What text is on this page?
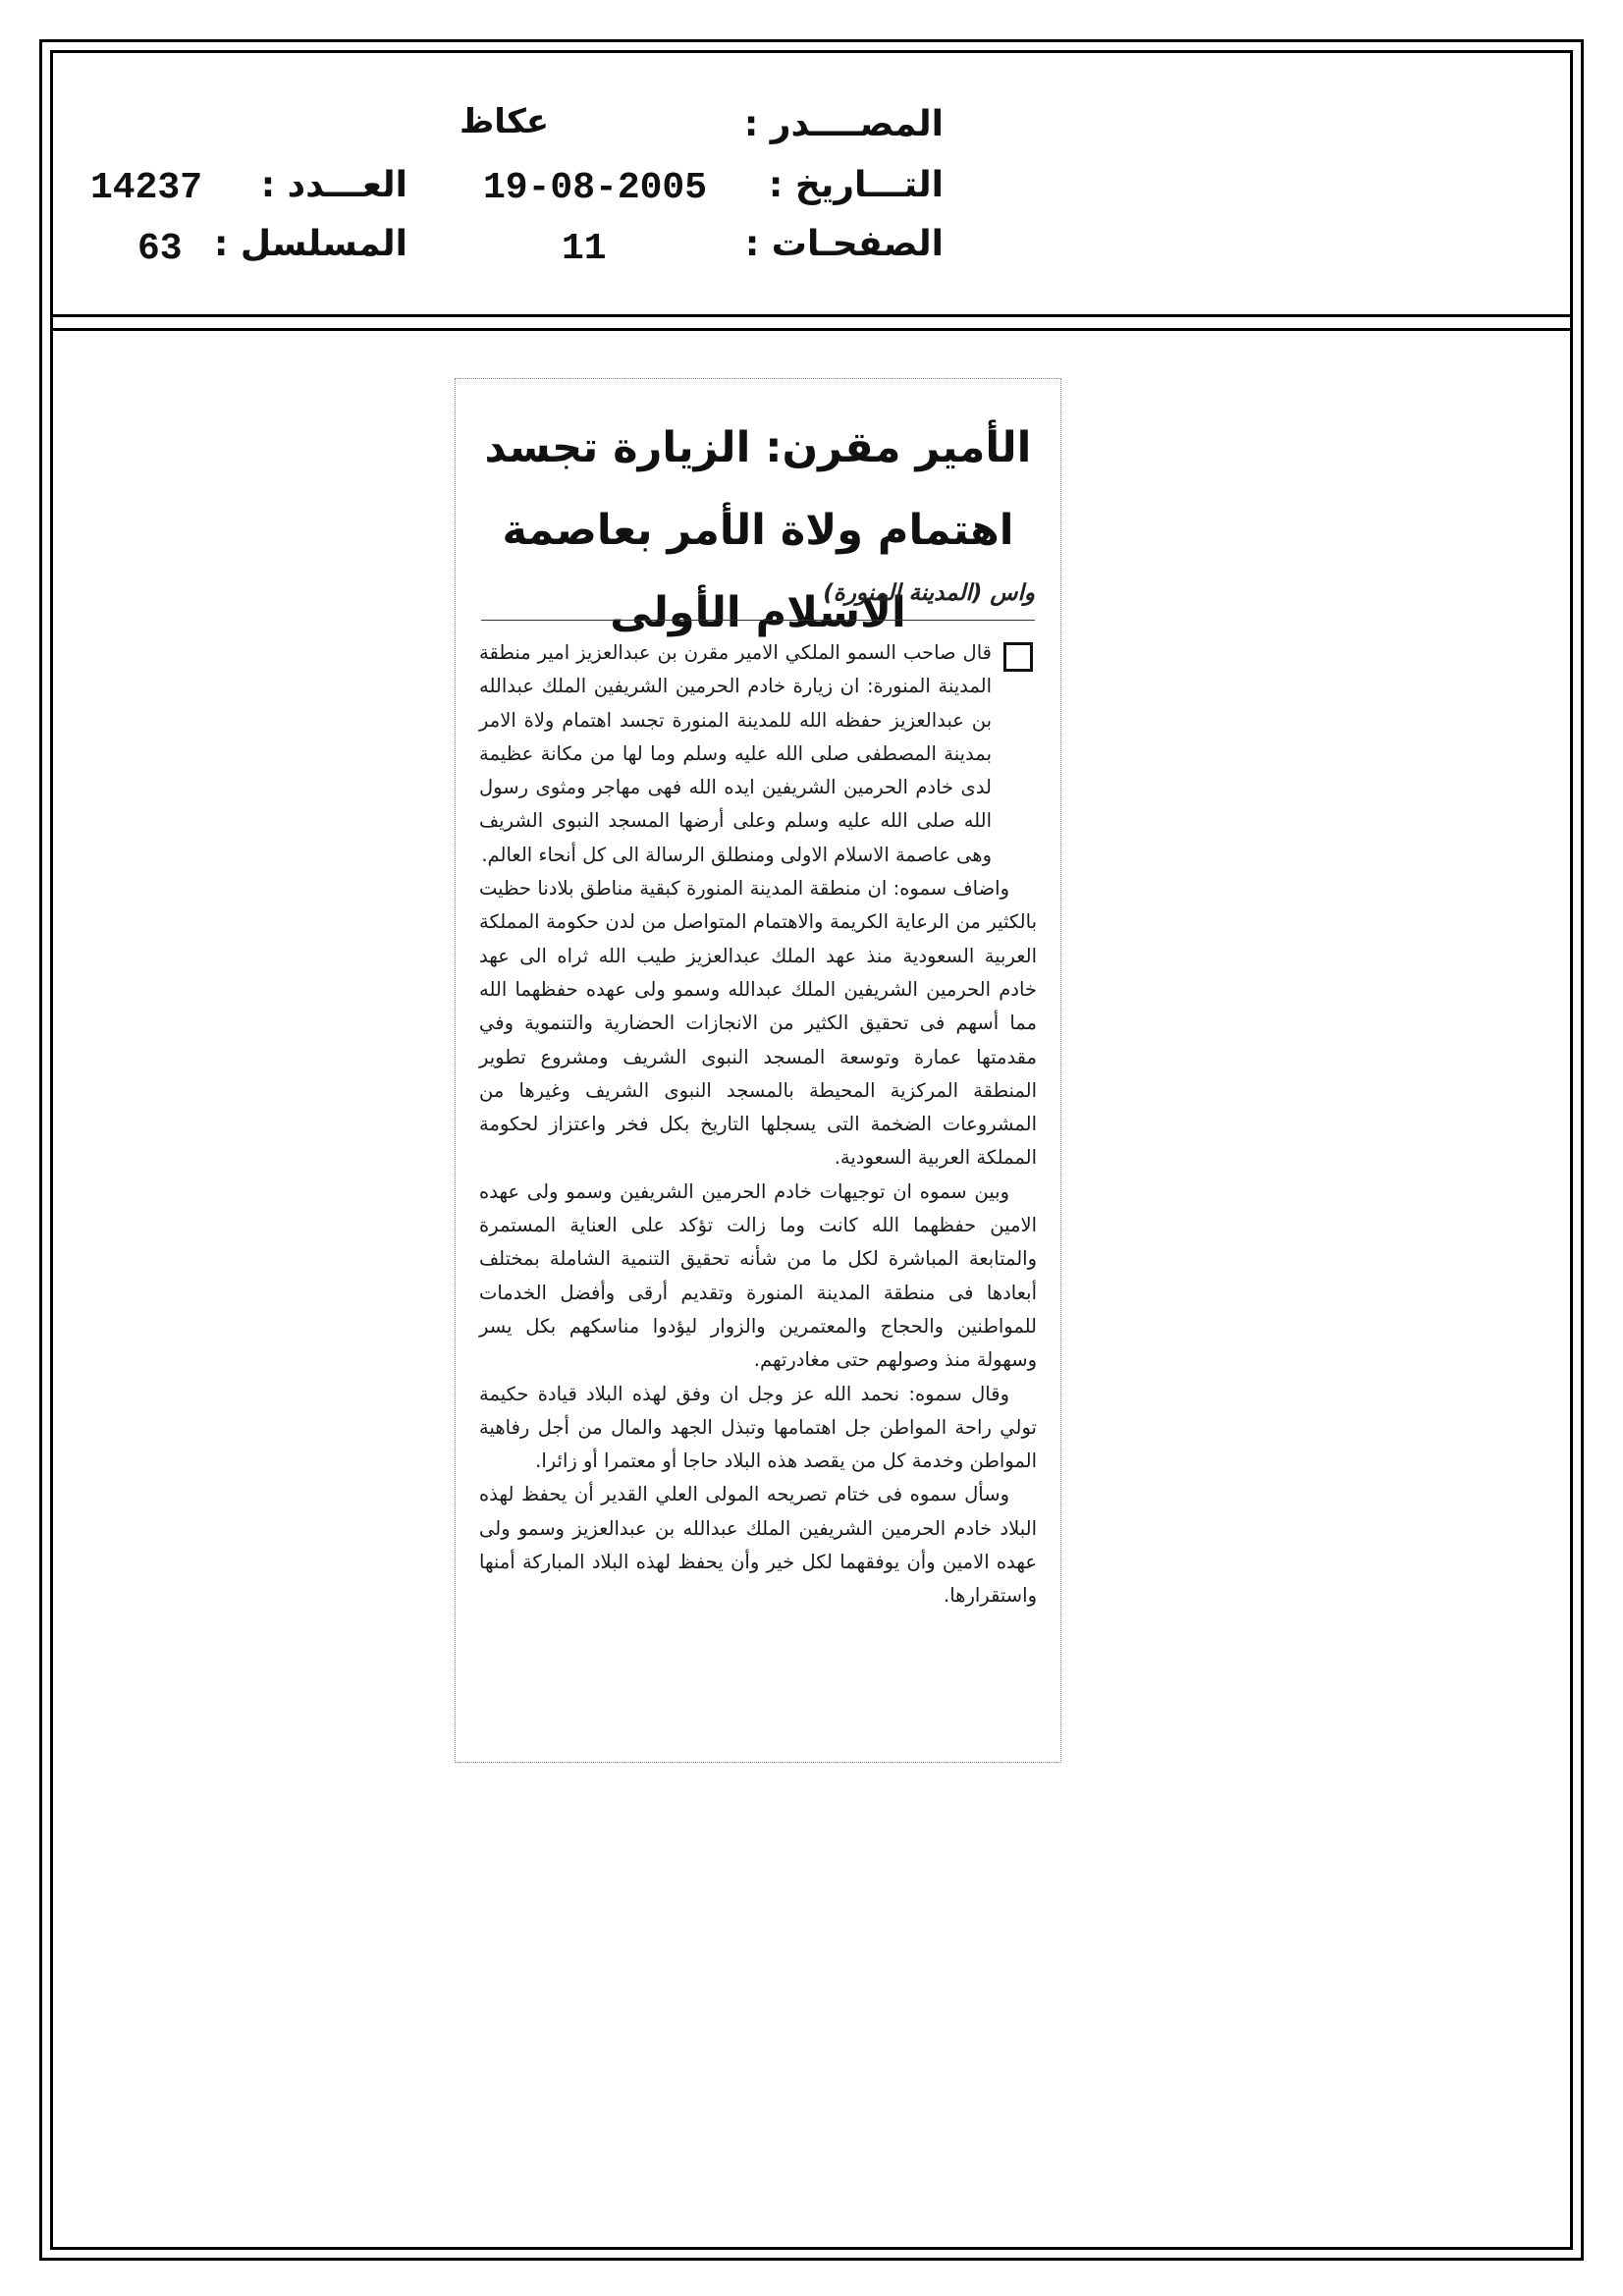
المصــــدر :
عكاظ
التـــاريخ :
19-08-2005
العـــدد :
14237
الصفحـات :
11
المسلسل :
63
الأمير مقرن: الزيارة تجسد اهتمام ولاة الأمر بعاصمة الاسلام الأولى
واس (المدينة المنورة)

قال صاحب السمو الملكي الامير مقرن بن عبدالعزيز امير منطقة المدينة المنورة: ان زيارة خادم الحرمين الشريفين الملك عبدالله بن عبدالعزيز حفظه الله للمدينة المنورة تجسد اهتمام ولاة الامر بمدينة المصطفى صلى الله عليه وسلم وما لها من مكانة عظيمة لدى خادم الحرمين الشريفين ايده الله فهى مهاجر ومثوى رسول الله صلى الله عليه وسلم وعلى أرضها المسجد النبوى الشريف وهى عاصمة الاسلام الاولى ومنطلق الرسالة الى كل أنحاء العالم.

واضاف سموه: ان منطقة المدينة المنورة كبقية مناطق بلادنا حظيت بالكثير من الرعاية الكريمة والاهتمام المتواصل من لدن حكومة المملكة العربية السعودية منذ عهد الملك عبدالعزيز طيب الله ثراه الى عهد خادم الحرمين الشريفين الملك عبدالله وسمو ولى عهده حفظهما الله مما أسهم فى تحقيق الكثير من الانجازات الحضارية والتنموية وفي مقدمتها عمارة وتوسعة المسجد النبوى الشريف ومشروع تطوير المنطقة المركزية المحيطة بالمسجد النبوى الشريف وغيرها من المشروعات الضخمة التى يسجلها التاريخ بكل فخر واعتزاز لحكومة المملكة العربية السعودية.

وبين سموه ان توجيهات خادم الحرمين الشريفين وسمو ولى عهده الامين حفظهما الله كانت وما زالت تؤكد على العناية المستمرة والمتابعة المباشرة لكل ما من شأنه تحقيق التنمية الشاملة بمختلف أبعادها فى منطقة المدينة المنورة وتقديم أرقى وأفضل الخدمات للمواطنين والحجاج والمعتمرين والزوار ليؤدوا مناسكهم بكل يسر وسهولة منذ وصولهم حتى مغادرتهم.

وقال سموه: نحمد الله عز وجل ان وفق لهذه البلاد قيادة حكيمة تولي راحة المواطن جل اهتمامها وتبذل الجهد والمال من أجل رفاهية المواطن وخدمة كل من يقصد هذه البلاد حاجا أو معتمرا أو زائرا.

وسأل سموه فى ختام تصريحه المولى العلي القدير أن يحفظ لهذه البلاد خادم الحرمين الشريفين الملك عبدالله بن عبدالعزيز وسمو ولى عهده الامين وأن يوفقهما لكل خير وأن يحفظ لهذه البلاد المباركة أمنها واستقرارها.
